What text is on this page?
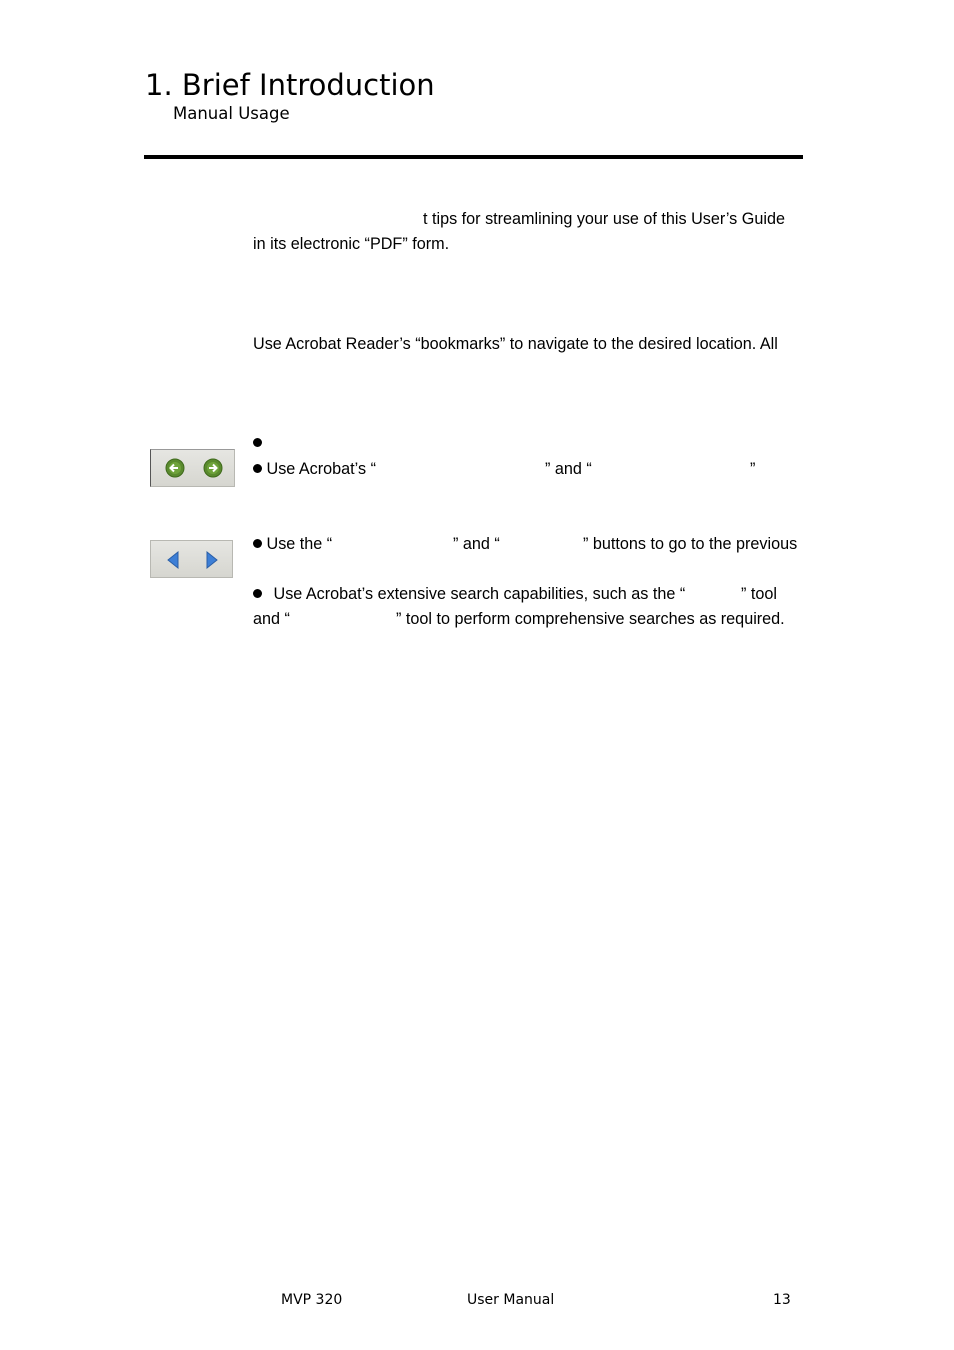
1. Brief Introduction
Manual Usage
t tips for streamlining your use of this User’s Guide
in its electronic “PDF” form.
Use Acrobat Reader’s “bookmarks” to navigate to the desired location. All
Use Acrobat’s “	” and “	”
Use the “	” and “	” buttons to go to the previous
Use Acrobat’s extensive search capabilities, such as the “	” tool
and “	” tool to perform comprehensive searches as required.
MVP 320	User Manual	13
